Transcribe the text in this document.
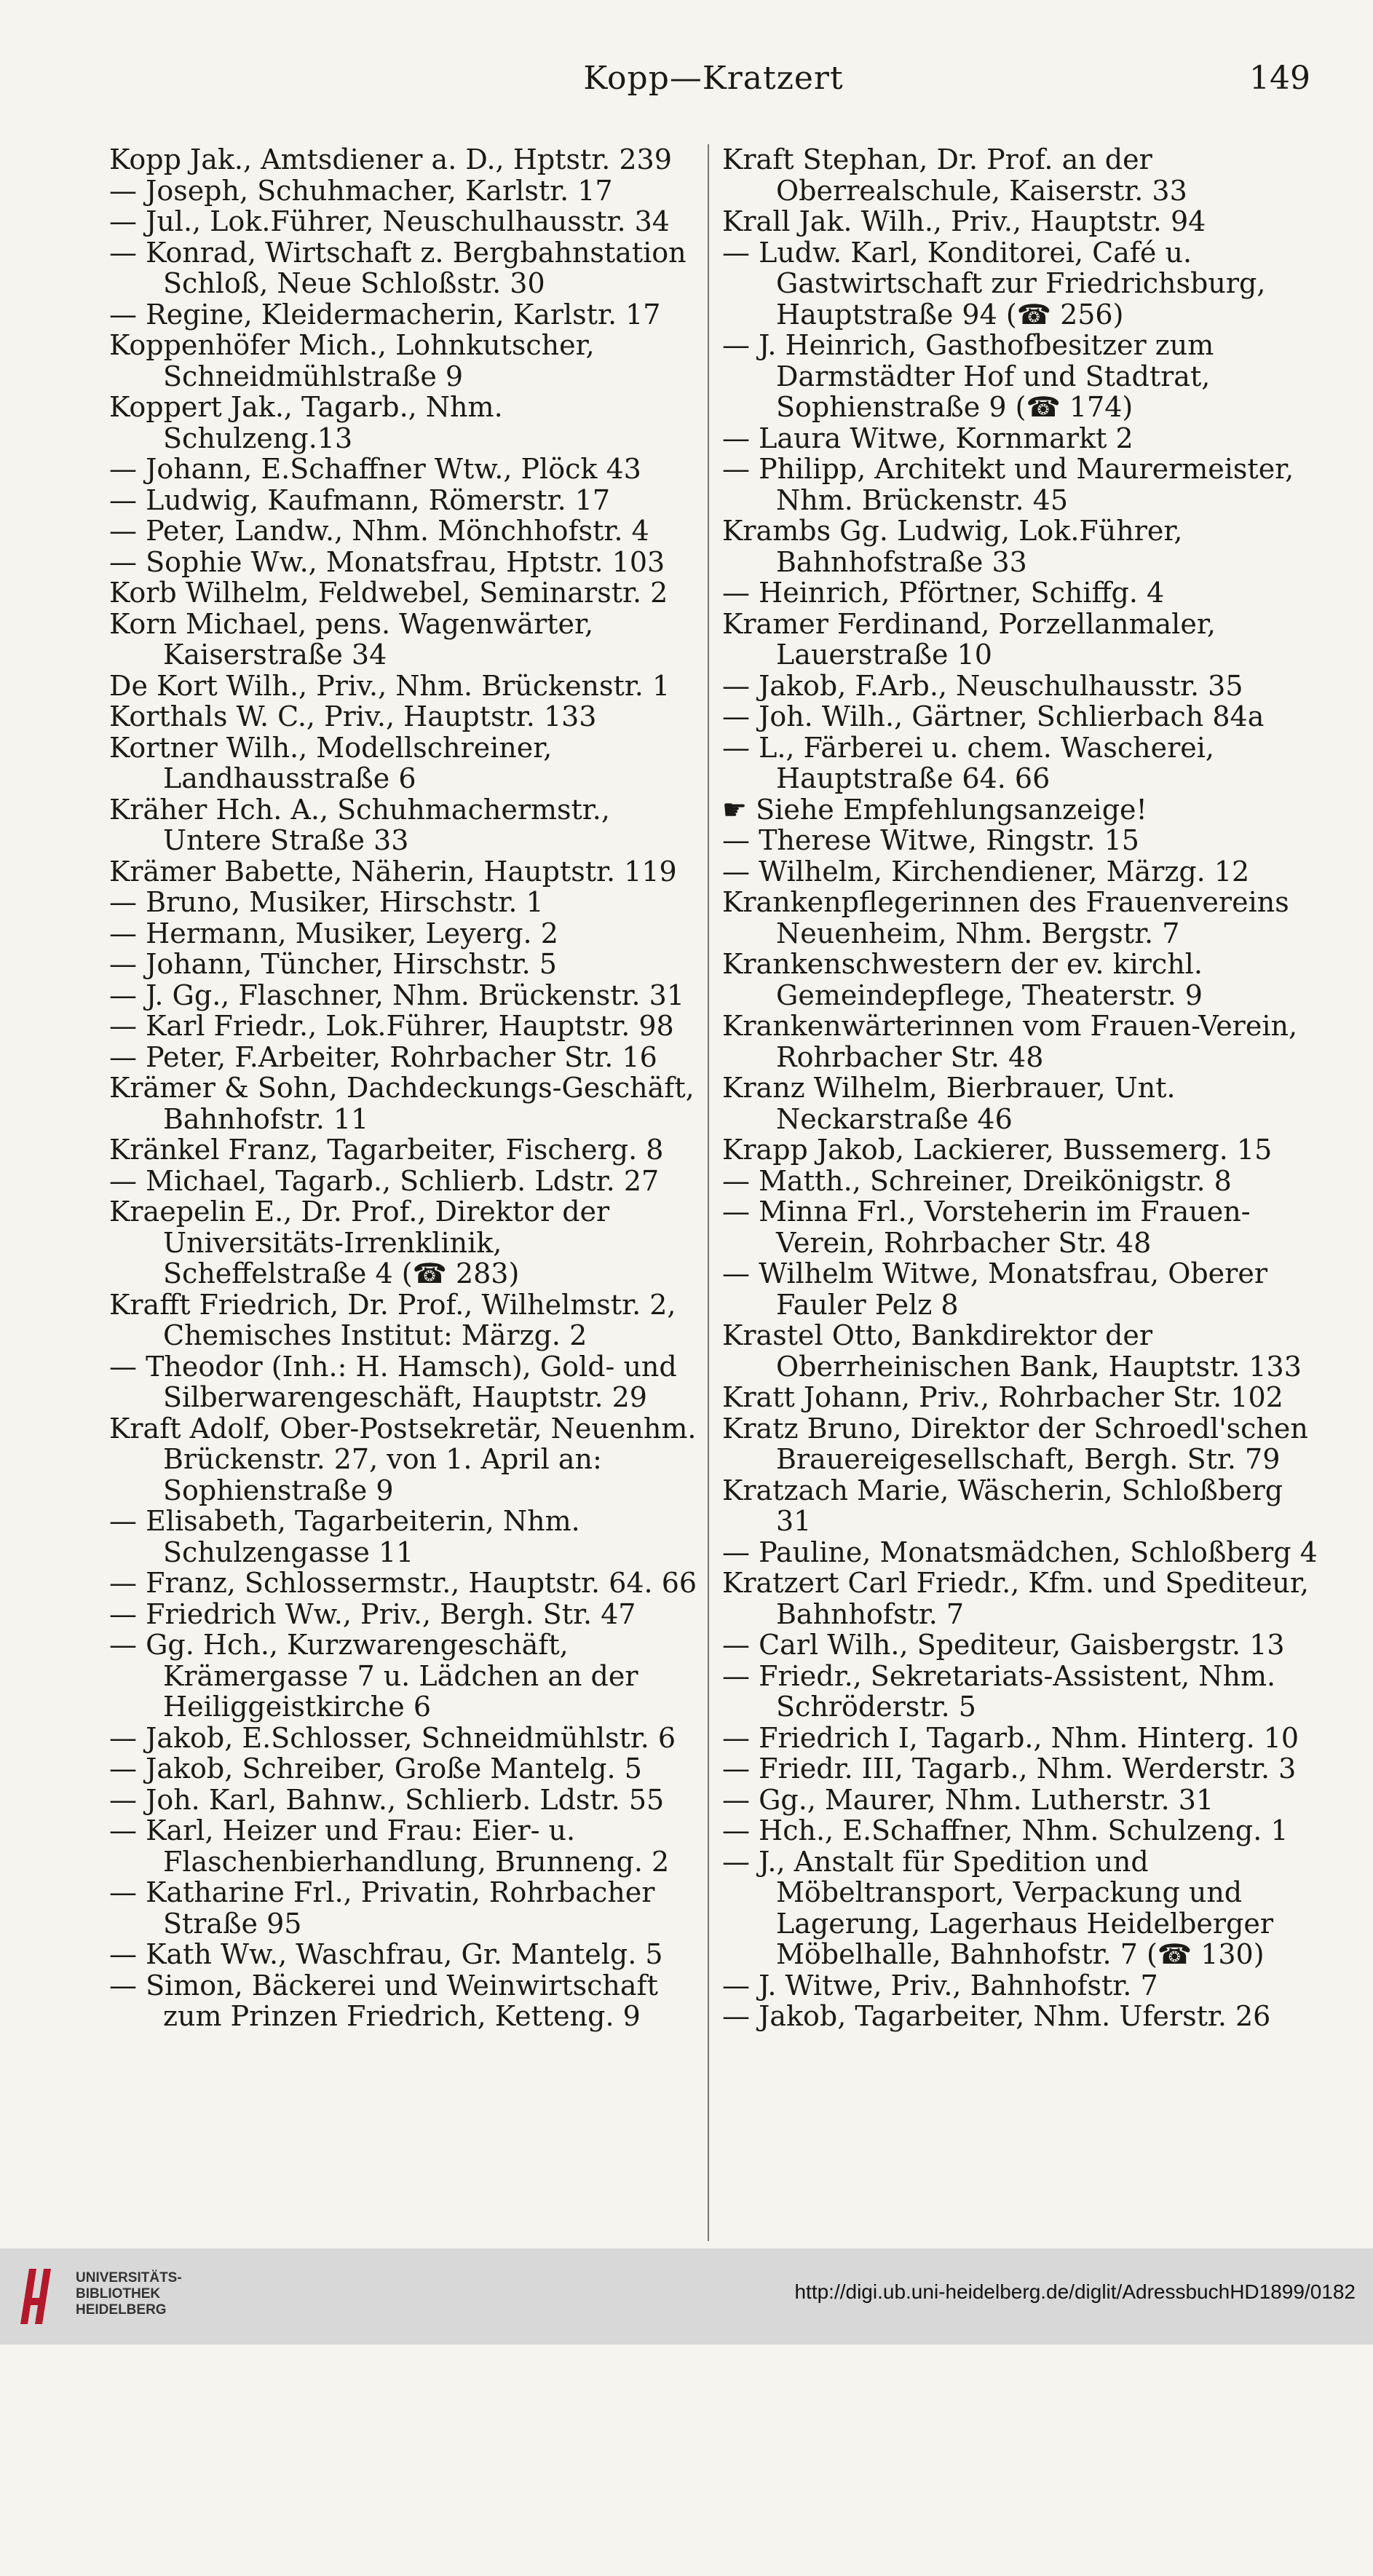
Kopp—Kratzert	149
Kopp Jak., Amtsdiener a. D., Hptstr. 239
— Joseph, Schuhmacher, Karlstr. 17
— Jul., Lok.Führer, Neuschulhausstr. 34
— Konrad, Wirtschaft z. Bergbahnstation Schloß, Neue Schloßstr. 30
— Regine, Kleidermacherin, Karlstr. 17
Koppenhöfer Mich., Lohnkutscher, Schneidmühlstraße 9
Koppert Jak., Tagarb., Nhm. Schulzeng.13
— Johann, E.Schaffner Wtw., Plöck 43
— Ludwig, Kaufmann, Römerstr. 17
— Peter, Landw., Nhm. Mönchhofstr. 4
— Sophie Ww., Monatsfrau, Hptstr. 103
Korb Wilhelm, Feldwebel, Seminarstr. 2
Korn Michael, pens. Wagenwärter, Kaiserstraße 34
De Kort Wilh., Priv., Nhm. Brückenstr. 1
Korthals W. C., Priv., Hauptstr. 133
Kortner Wilh., Modellschreiner, Landhausstraße 6
Kräher Hch. A., Schuhmachermstr., Untere Straße 33
Krämer Babette, Näherin, Hauptstr. 119
— Bruno, Musiker, Hirschstr. 1
— Hermann, Musiker, Leyerg. 2
— Johann, Tüncher, Hirschstr. 5
— J. Gg., Flaschner, Nhm. Brückenstr. 31
— Karl Friedr., Lok.Führer, Hauptstr. 98
— Peter, F.Arbeiter, Rohrbacher Str. 16
Krämer & Sohn, Dachdeckungs-Geschäft, Bahnhofstr. 11
Kränkel Franz, Tagarbeiter, Fischerg. 8
— Michael, Tagarb., Schlierb. Ldstr. 27
Kraepelin E., Dr. Prof., Direktor der Universitäts-Irrenklinik, Scheffelstraße 4 (☎ 283)
Krafft Friedrich, Dr. Prof., Wilhelmstr. 2, Chemisches Institut: Märzg. 2
— Theodor (Inh.: H. Hamsch), Gold- und Silberwarengeschäft, Hauptstr. 29
Kraft Adolf, Ober-Postsekretär, Neuenhm. Brückenstr. 27, von 1. April an: Sophienstraße 9
— Elisabeth, Tagarbeiterin, Nhm. Schulzengasse 11
— Franz, Schlossermstr., Hauptstr. 64. 66
— Friedrich Ww., Priv., Bergh. Str. 47
— Gg. Hch., Kurzwarengeschäft, Krämergasse 7 u. Lädchen an der Heiliggeistkirche 6
— Jakob, E.Schlosser, Schneidmühlstr. 6
— Jakob, Schreiber, Große Mantelg. 5
— Joh. Karl, Bahnw., Schlierb. Ldstr. 55
— Karl, Heizer und Frau: Eier- u. Flaschenbierhandlung, Brunneng. 2
— Katharine Frl., Privatin, Rohrbacher Straße 95
— Kath Ww., Waschfrau, Gr. Mantelg. 5
— Simon, Bäckerei und Weinwirtschaft zum Prinzen Friedrich, Ketteng. 9
Kraft Stephan, Dr. Prof. an der Oberrealschule, Kaiserstr. 33
Krall Jak. Wilh., Priv., Hauptstr. 94
— Ludw. Karl, Konditorei, Café u. Gastwirtschaft zur Friedrichsburg, Hauptstraße 94 (☎ 256)
— J. Heinrich, Gasthofbesitzer zum Darmstädter Hof und Stadtrat, Sophienstraße 9 (☎ 174)
— Laura Witwe, Kornmarkt 2
— Philipp, Architekt und Maurermeister, Nhm. Brückenstr. 45
Krambs Gg. Ludwig, Lok.Führer, Bahnhofstraße 33
— Heinrich, Pförtner, Schiffg. 4
Kramer Ferdinand, Porzellanmaler, Lauerstraße 10
— Jakob, F.Arb., Neuschulhausstr. 35
— Joh. Wilh., Gärtner, Schlierbach 84a
— L., Färberei u. chem. Wascherei, Hauptstraße 64. 66
☛ Siehe Empfehlungsanzeige!
— Therese Witwe, Ringstr. 15
— Wilhelm, Kirchendiener, Märzg. 12
Krankenpflegerinnen des Frauenvereins Neuenheim, Nhm. Bergstr. 7
Krankenschwestern der ev. kirchl. Gemeindepflege, Theaterstr. 9
Krankenwärterinnen vom Frauen-Verein, Rohrbacher Str. 48
Kranz Wilhelm, Bierbrauer, Unt. Neckarstraße 46
Krapp Jakob, Lackierer, Bussemerg. 15
— Matth., Schreiner, Dreikönigstr. 8
— Minna Frl., Vorsteherin im Frauen-Verein, Rohrbacher Str. 48
— Wilhelm Witwe, Monatsfrau, Oberer Fauler Pelz 8
Krastel Otto, Bankdirektor der Oberrheinischen Bank, Hauptstr. 133
Kratt Johann, Priv., Rohrbacher Str. 102
Kratz Bruno, Direktor der Schroedl'schen Brauereigesellschaft, Bergh. Str. 79
Kratzach Marie, Wäscherin, Schloßberg 31
— Pauline, Monatsmädchen, Schloßberg 4
Kratzert Carl Friedr., Kfm. und Spediteur, Bahnhofstr. 7
— Carl Wilh., Spediteur, Gaisbergstr. 13
— Friedr., Sekretariats-Assistent, Nhm. Schröderstr. 5
— Friedrich I, Tagarb., Nhm. Hinterg. 10
— Friedr. III, Tagarb., Nhm. Werderstr. 3
— Gg., Maurer, Nhm. Lutherstr. 31
— Hch., E.Schaffner, Nhm. Schulzeng. 1
— J., Anstalt für Spedition und Möbeltransport, Verpackung und Lagerung, Lagerhaus Heidelberger Möbelhalle, Bahnhofstr. 7 (☎ 130)
— J. Witwe, Priv., Bahnhofstr. 7
— Jakob, Tagarbeiter, Nhm. Uferstr. 26
UNIVERSITÄTS-
BIBLIOTHEK
HEIDELBERG
http://digi.ub.uni-heidelberg.de/diglit/AdressbuchHD1899/0182
